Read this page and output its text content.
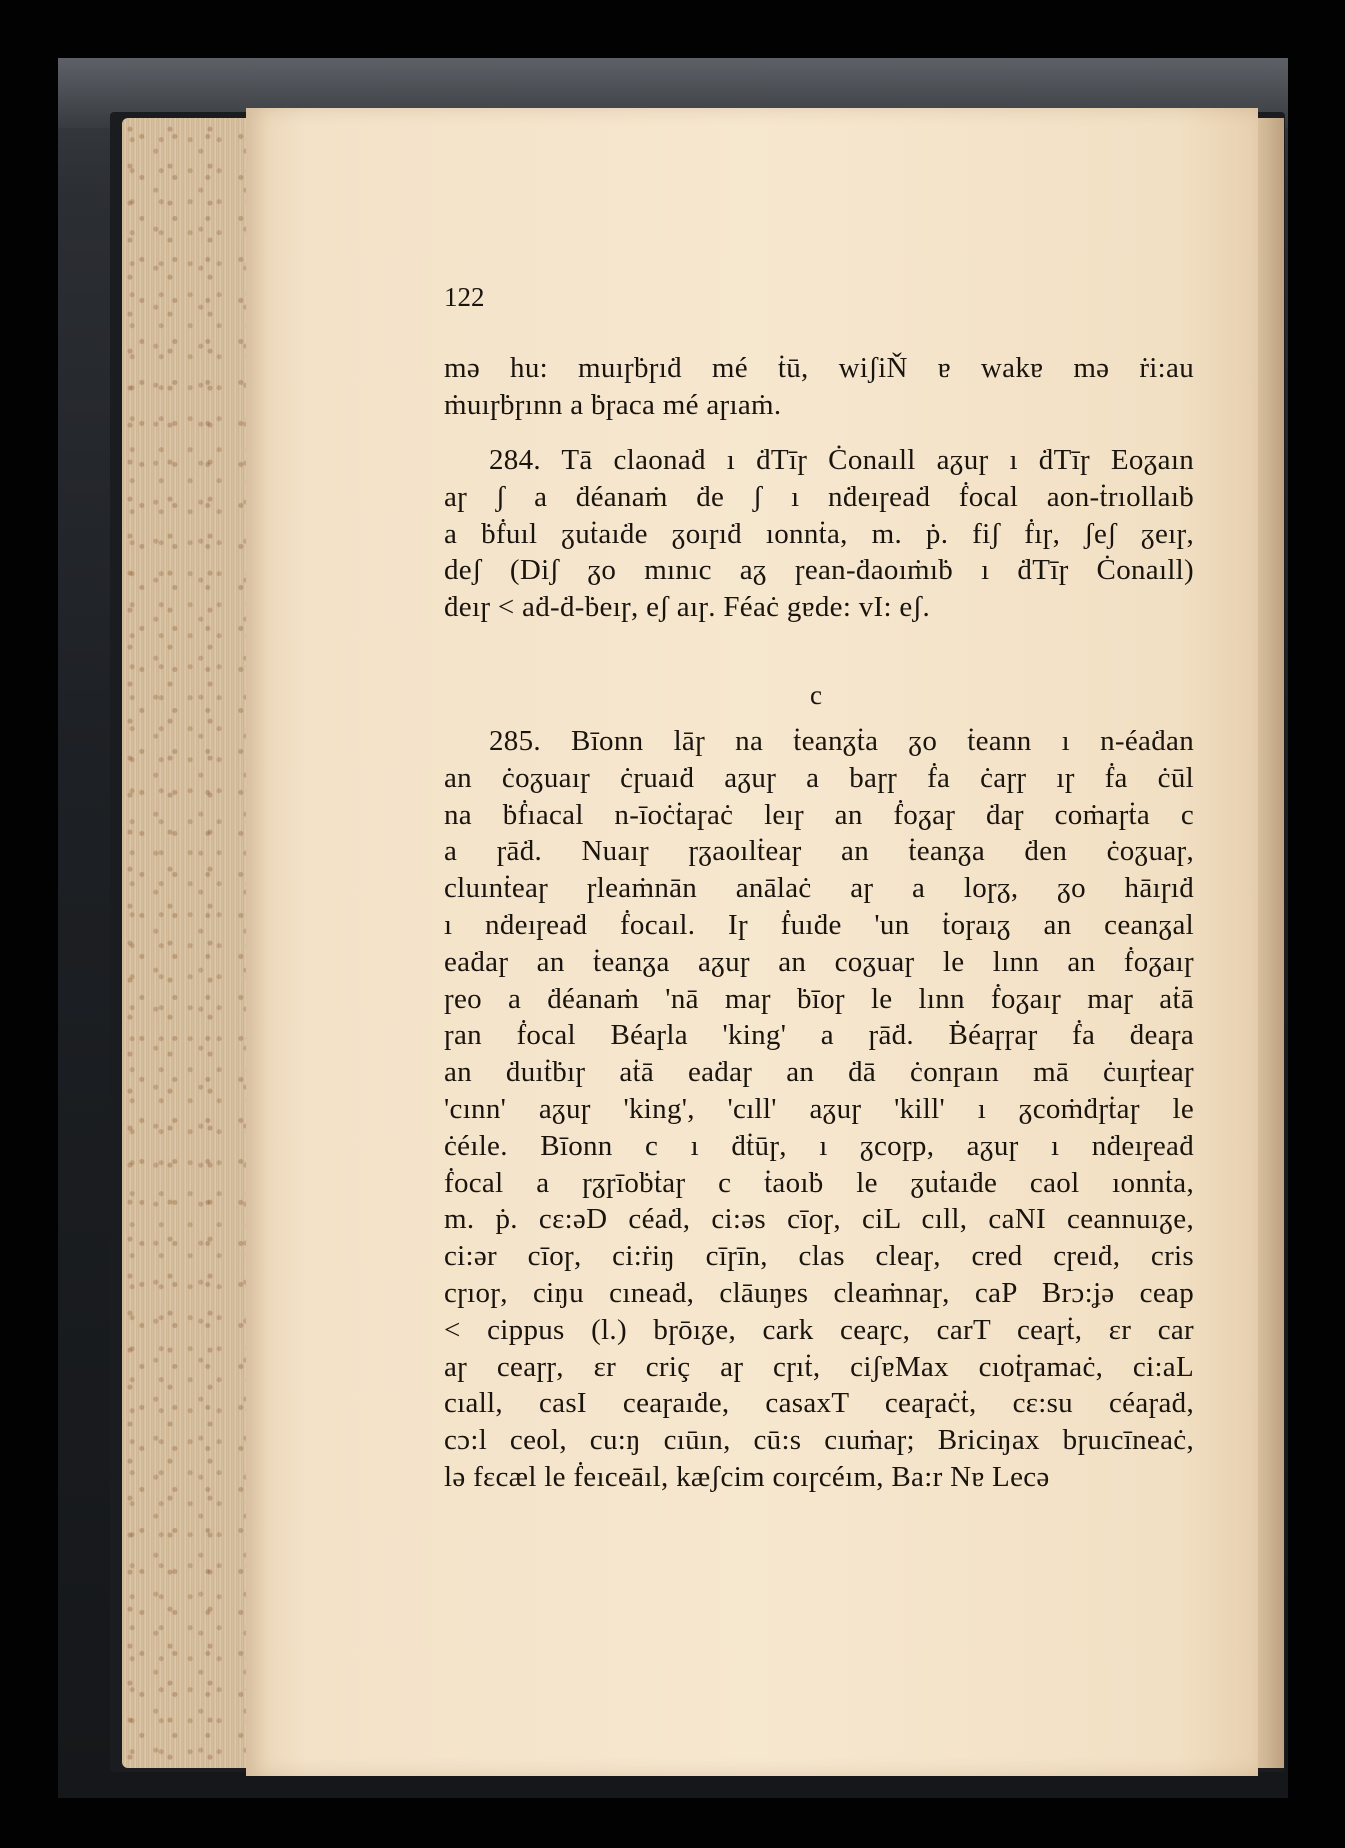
122
mə hu: muıɼḃɼıḋ mé ṫū, wiʃiŇ ɐ wakɐ mə ṙi:au
ṁuıɼḃɼınn a ḃɼaca mé aɼıaṁ.
284. Tā claonaḋ ı ḋTīɼ Ċonaıll aᵹuɼ ı ḋTīɼ Eoᵹaın
aɼ ʃ a ḋéanaṁ ḋe ʃ ı nḋeıɼeaḋ ḟocal aon-ṫrıollaıḃ
a ḃḟuıl ᵹuṫaıḋe ᵹoıɼıḋ ıonnṫa, m. ṗ. fiʃ ḟıɼ, ʃeʃ ᵹeıɼ,
deʃ (Diʃ ᵹo mınıc aᵹ ɼean-ḋaoıṁıḃ ı ḋTīɼ Ċonaıll)
ḋeıɼ < aḋ-ḋ-ḃeıɼ, eʃ aıɼ. Féaċ gɐde: vI: eʃ.
c
285. Bīonn lāɼ na ṫeanᵹṫa ᵹo ṫeann ı n-éaḋan
an ċoᵹuaıɼ ċɼuaıḋ aᵹuɼ a baɼɼ ḟa ċaɼɼ ıɼ ḟa ċūl
na ḃḟıacal n-īoċṫaɼaċ leıɼ an ḟoᵹaɼ ḋaɼ coṁaɼṫa c
a ɼāḋ. Nuaıɼ ɼᵹaoılṫeaɼ an ṫeanᵹa ḋen ċoᵹuaɼ,
cluınṫeaɼ ɼleaṁnān anālaċ aɼ a loɼᵹ, ᵹo hāıɼıḋ
ı nḋeıɼeaḋ ḟocaıl. Iɼ ḟuıḋe 'un ṫoɼaıᵹ an ceanᵹal
eaḋaɼ an ṫeanᵹa aᵹuɼ an coᵹuaɼ le lınn an ḟoᵹaıɼ
ɼeo a ḋéanaṁ 'nā maɼ ḃīoɼ le lınn ḟoᵹaıɼ maɼ aṫā
ɼan ḟocal Béaɼla 'king' a ɼāḋ. Ḃéaɼɼaɼ ḟa ḋeaɼa
an ḋuıṫḃıɼ aṫā eaḋaɼ an ḋā ċonɼaın mā ċuıɼṫeaɼ
'cınn' aᵹuɼ 'king', 'cıll' aᵹuɼ 'kill' ı ᵹcoṁḋɼṫaɼ le
ċéıle. Bīonn c ı ḋṫūɼ, ı ᵹcoɼp, aᵹuɼ ı nḋeıɼeaḋ
ḟocal a ɼᵹɼīoḃṫaɼ c ṫaoıḃ le ᵹuṫaıḋe caol ıonnṫa,
m. ṗ. cɛ:əD céaḋ, ci:əs cīoɼ, ciL cıll, caNI ceannuıᵹe,
ci:ər cīoɼ, ci:ṙiŋ cīɼīn, clas cleaɼ, cred cɼeıḋ, cris
cɼıoɼ, ciŋu cıneaḋ, clāuŋɐs cleaṁnaɼ, caP Brɔ:ʝə ceap
< cippus (l.) bɼōıᵹe, cark ceaɼc, carT ceaɼṫ, ɛr car
aɼ ceaɼɼ, ɛr criç aɼ cɼıṫ, ciʃɐMax cıoṫɼamaċ, ci:aL
cıall, casI ceaɼaıḋe, casaxT ceaɼaċṫ, cɛ:su céaɼaḋ,
cɔ:l ceol, cu:ŋ cıūın, cū:s cıuṁaɼ; Briciŋax bɼuıcīneaċ,
lə fɛcæl le ḟeıceāıl, kæʃcim coıɼcéım, Ba:r Nɐ Lecə
